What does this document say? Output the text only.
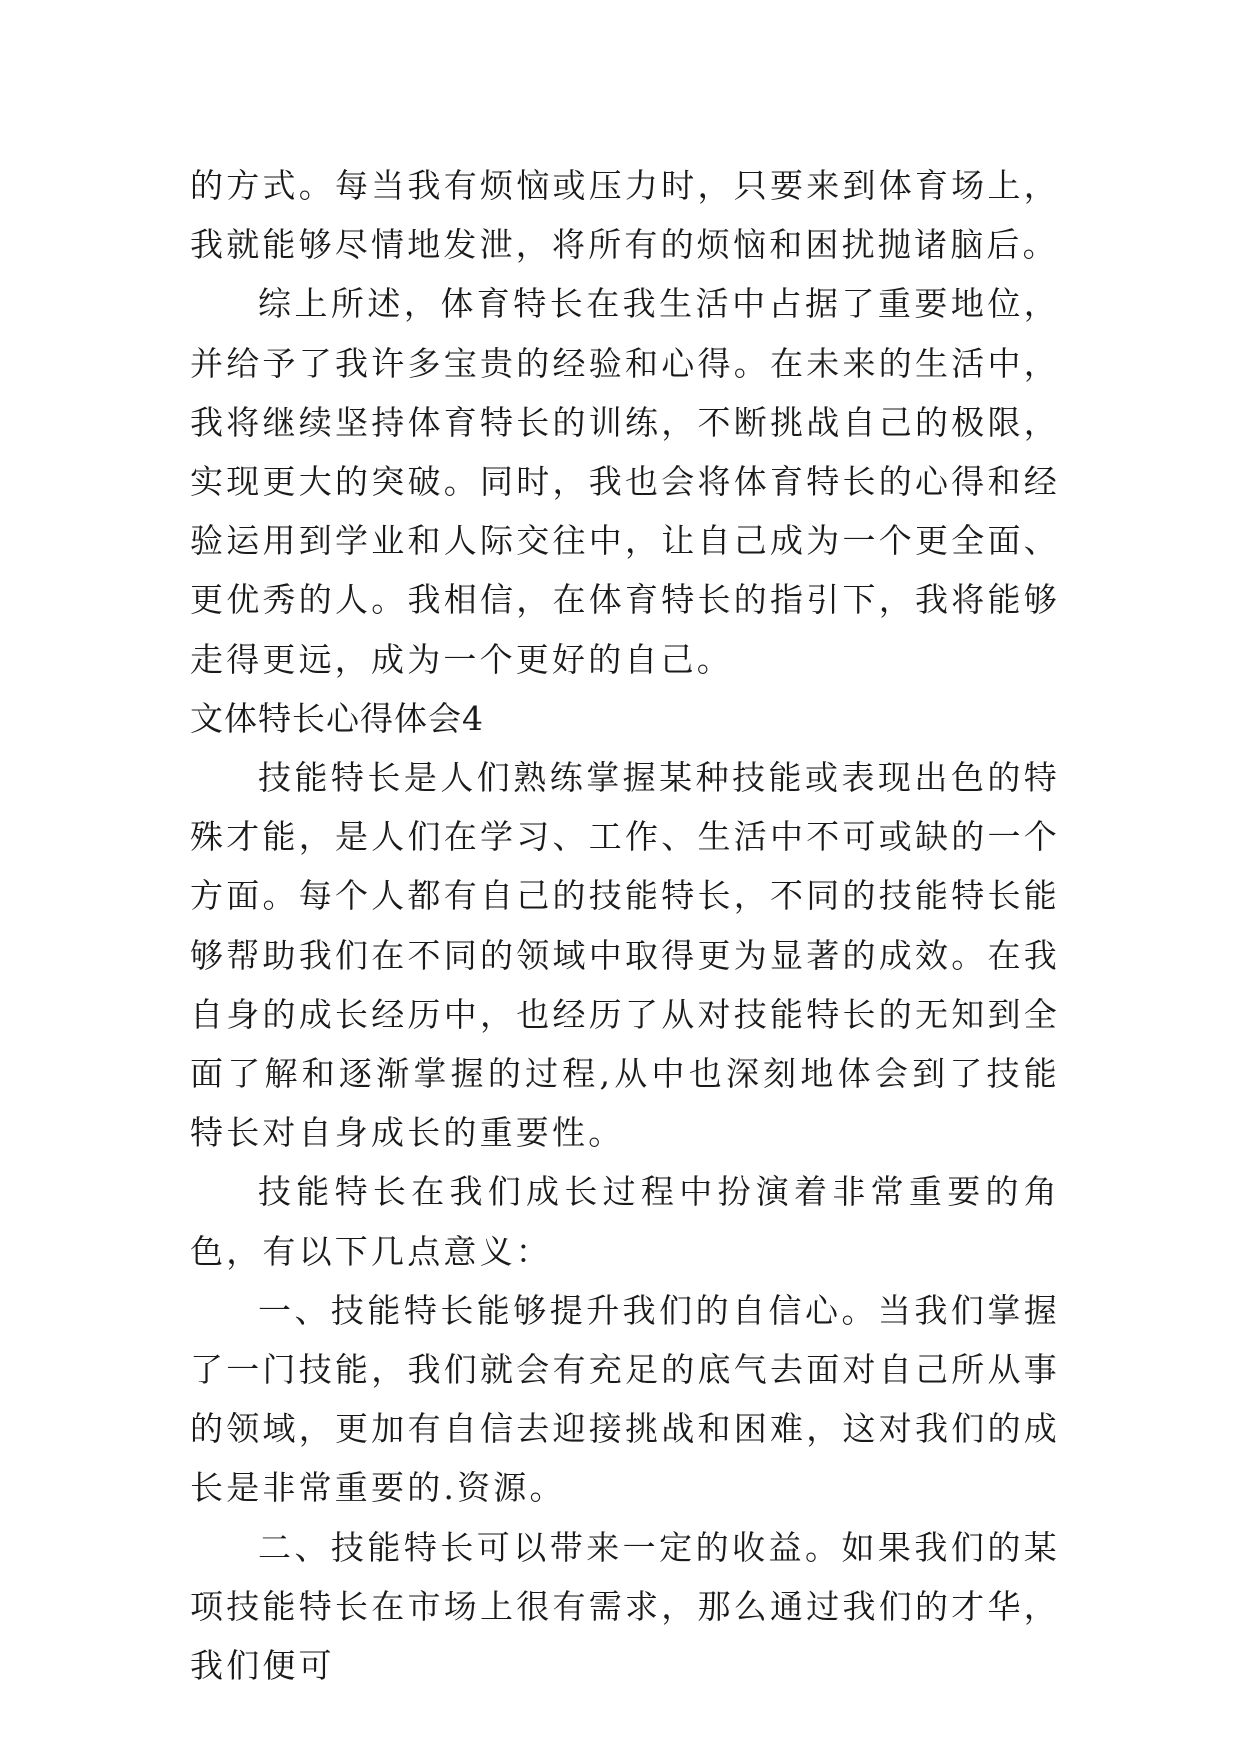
的方式。每当我有烦恼或压力时，只要来到体育场上，我就能够尽情地发泄，将所有的烦恼和困扰抛诸脑后。

综上所述，体育特长在我生活中占据了重要地位，并给予了我许多宝贵的经验和心得。在未来的生活中，我将继续坚持体育特长的训练，不断挑战自己的极限，实现更大的突破。同时，我也会将体育特长的心得和经验运用到学业和人际交往中，让自己成为一个更全面、更优秀的人。我相信，在体育特长的指引下，我将能够走得更远，成为一个更好的自己。

文体特长心得体会4

技能特长是人们熟练掌握某种技能或表现出色的特殊才能，是人们在学习、工作、生活中不可或缺的一个方面。每个人都有自己的技能特长，不同的技能特长能够帮助我们在不同的领域中取得更为显著的成效。在我自身的成长经历中，也经历了从对技能特长的无知到全面了解和逐渐掌握的过程,从中也深刻地体会到了技能特长对自身成长的重要性。

技能特长在我们成长过程中扮演着非常重要的角色，有以下几点意义：

一、技能特长能够提升我们的自信心。当我们掌握了一门技能，我们就会有充足的底气去面对自己所从事的领域，更加有自信去迎接挑战和困难，这对我们的成长是非常重要的.资源。

二、技能特长可以带来一定的收益。如果我们的某项技能特长在市场上很有需求，那么通过我们的才华，我们便可
